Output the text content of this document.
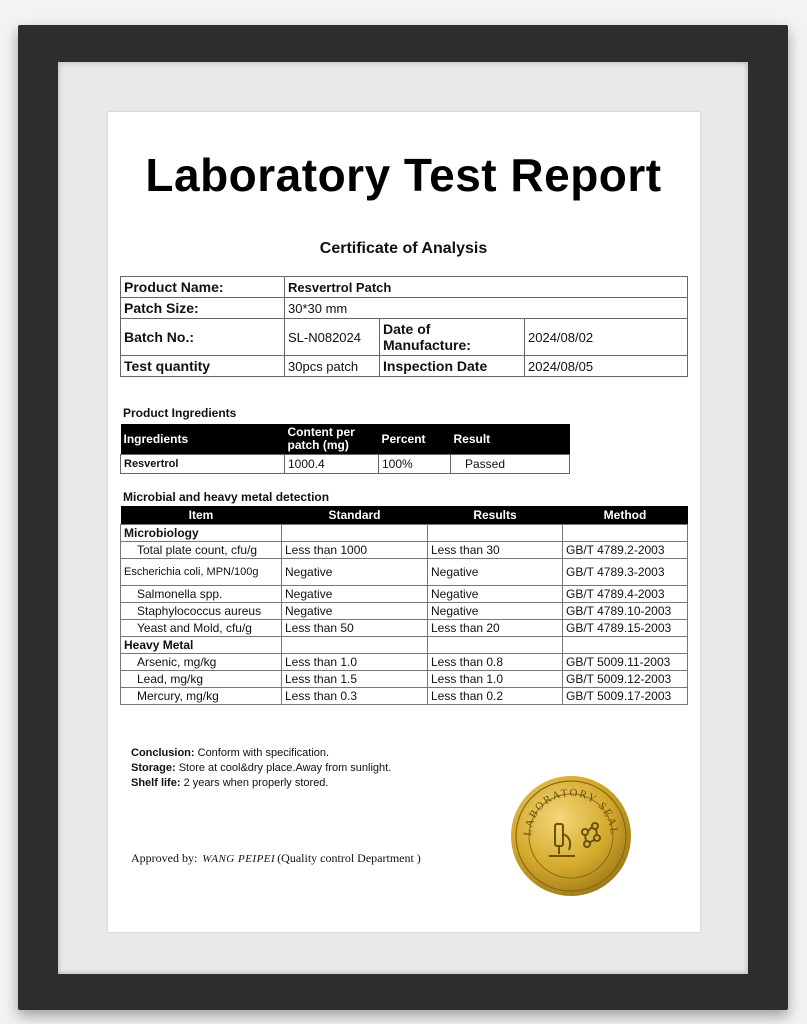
Laboratory Test Report
Certificate of Analysis
Product Name:	Resvertrol Patch		
Patch Size:	30*30 mm		
Batch No.:	SL-N082024	Date of Manufacture:	2024/08/02
Test quantity	30pcs patch	Inspection Date	2024/08/05
Product Ingredients
Ingredients	Content per patch (mg)	Percent	Result
Resvertrol	1000.4	100%	Passed
Microbial and heavy metal detection
Item	Standard	Results	Method
Microbiology			
Total plate count, cfu/g	Less than 1000	Less than 30	GB/T 4789.2-2003
Escherichia coli, MPN/100g	Negative	Negative	GB/T 4789.3-2003
Salmonella spp.	Negative	Negative	GB/T 4789.4-2003
Staphylococcus aureus	Negative	Negative	GB/T 4789.10-2003
Yeast and Mold, cfu/g	Less than 50	Less than 20	GB/T 4789.15-2003
Heavy Metal			
Arsenic, mg/kg	Less than 1.0	Less than 0.8	GB/T 5009.11-2003
Lead, mg/kg	Less than 1.5	Less than 1.0	GB/T 5009.12-2003
Mercury, mg/kg	Less than 0.3	Less than 0.2	GB/T 5009.17-2003
Conclusion: Conform with specification.
Storage: Store at cool&dry place.Away from sunlight.
Shelf life: 2 years when properly stored.
Approved by: WANG PEIPEI (Quality control Department )
LABORATORY SEAL
